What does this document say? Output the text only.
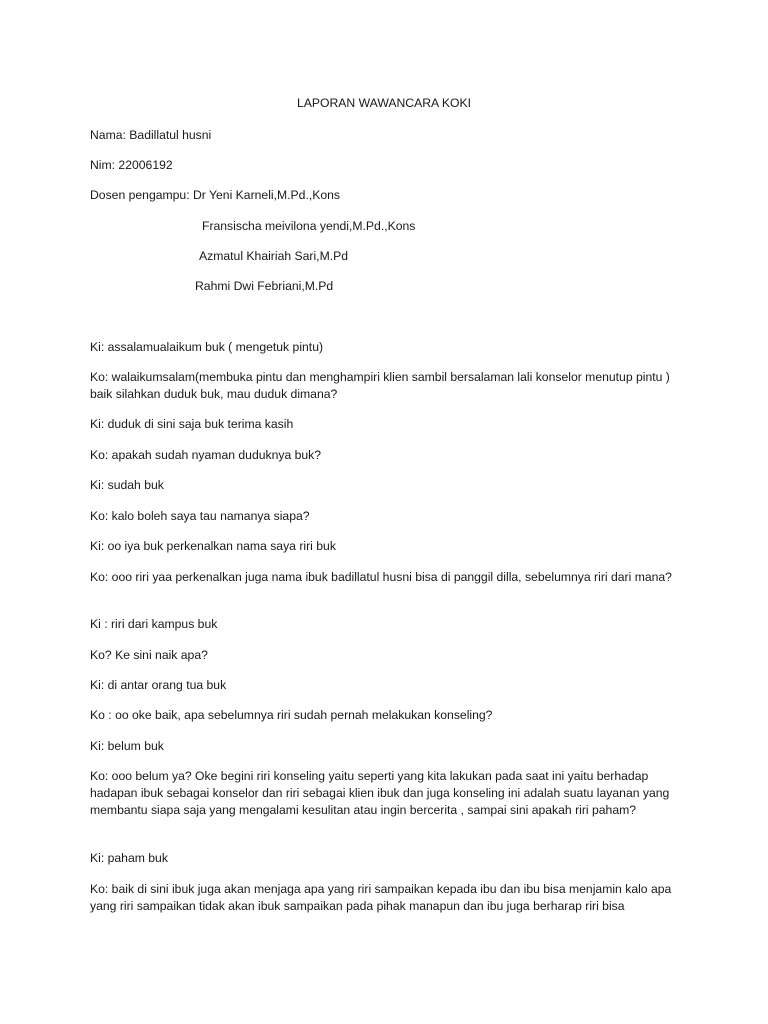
LAPORAN WAWANCARA KOKI
Nama: Badillatul husni
Nim: 22006192
Dosen pengampu: Dr Yeni Karneli,M.Pd.,Kons
Fransischa meivilona yendi,M.Pd.,Kons
Azmatul Khairiah Sari,M.Pd
Rahmi Dwi Febriani,M.Pd
Ki: assalamualaikum buk ( mengetuk pintu)
Ko: walaikumsalam(membuka pintu dan menghampiri klien sambil bersalaman lali konselor menutup pintu ) baik silahkan duduk buk, mau duduk dimana?
Ki: duduk di sini saja buk terima kasih
Ko: apakah sudah nyaman duduknya buk?
Ki: sudah buk
Ko: kalo boleh saya tau namanya siapa?
Ki: oo iya buk perkenalkan nama saya riri buk
Ko: ooo riri yaa perkenalkan juga nama ibuk badillatul husni bisa di panggil dilla, sebelumnya riri dari mana?
Ki : riri dari kampus buk
Ko? Ke sini naik apa?
Ki: di antar orang tua buk
Ko : oo oke baik, apa sebelumnya riri sudah pernah melakukan konseling?
Ki: belum buk
Ko: ooo belum ya? Oke begini riri konseling yaitu seperti yang kita lakukan pada saat ini yaitu berhadap hadapan ibuk sebagai konselor dan riri sebagai klien ibuk dan juga konseling ini adalah suatu layanan yang membantu siapa saja yang mengalami kesulitan atau ingin bercerita , sampai sini apakah riri paham?
Ki: paham buk
Ko: baik di sini ibuk juga akan menjaga apa yang riri sampaikan kepada ibu dan ibu bisa menjamin kalo apa yang riri sampaikan tidak akan ibuk sampaikan pada pihak manapun dan ibu juga berharap riri bisa
